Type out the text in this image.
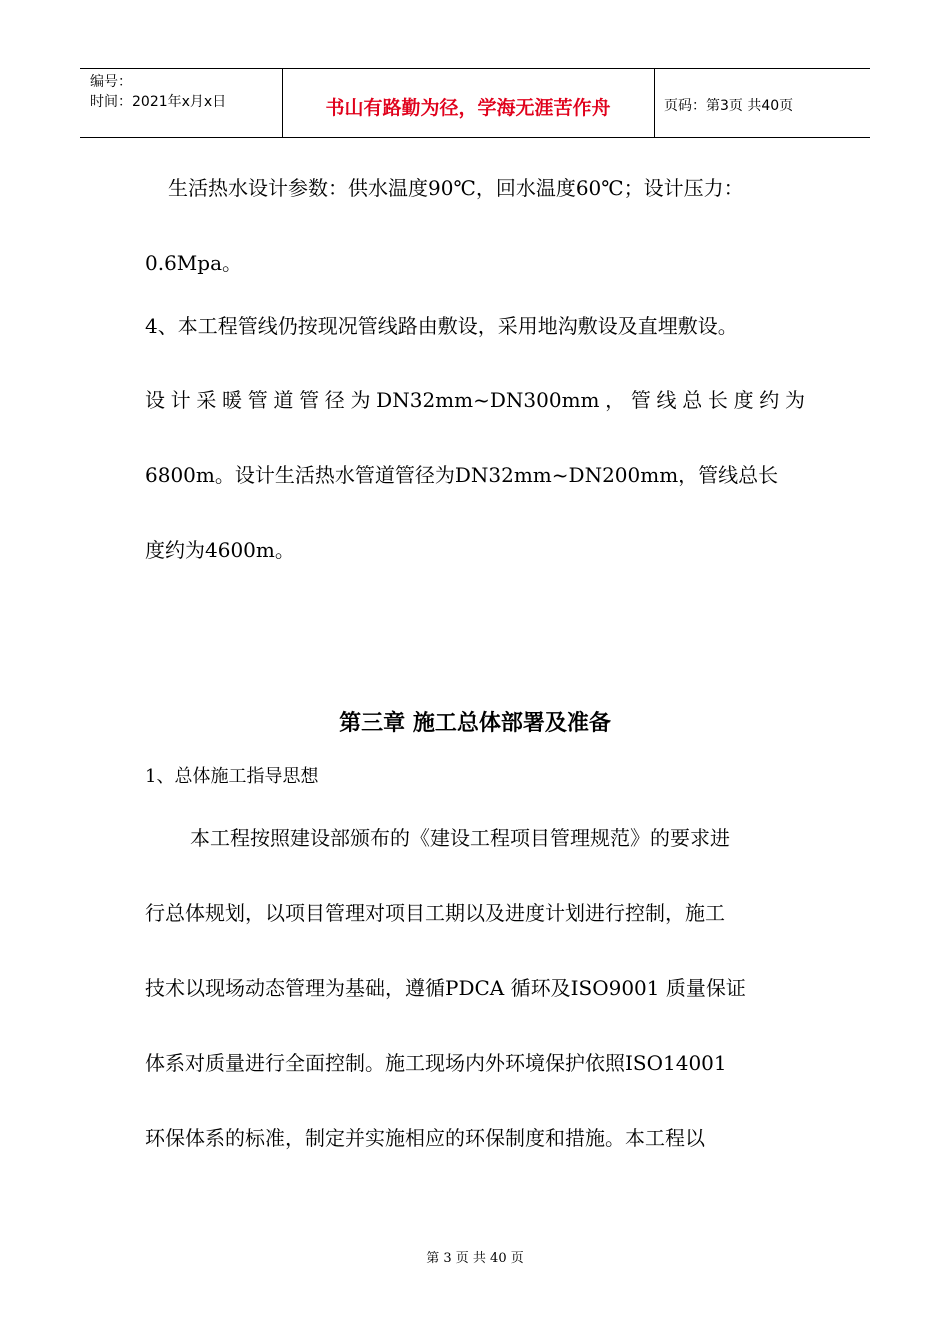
编号：
时间：2021年x月x日	书山有路勤为径，学海无涯苦作舟	页码：第3页 共40页
生活热水设计参数：供水温度90℃，回水温度60℃；设计压力：
0.6Mpa。
4、本工程管线仍按现况管线路由敷设，采用地沟敷设及直埋敷设。
设计采暖管道管径为DN32mm~DN300mm，管线总长度约为
6800m。设计生活热水管道管径为DN32mm~DN200mm，管线总长
度约为4600m。
第三章 施工总体部署及准备
1、总体施工指导思想
本工程按照建设部颁布的《建设工程项目管理规范》的要求进
行总体规划，以项目管理对项目工期以及进度计划进行控制，施工
技术以现场动态管理为基础，遵循PDCA 循环及ISO9001 质量保证
体系对质量进行全面控制。施工现场内外环境保护依照ISO14001
环保体系的标准，制定并实施相应的环保制度和措施。本工程以
第 3 页 共 40 页
